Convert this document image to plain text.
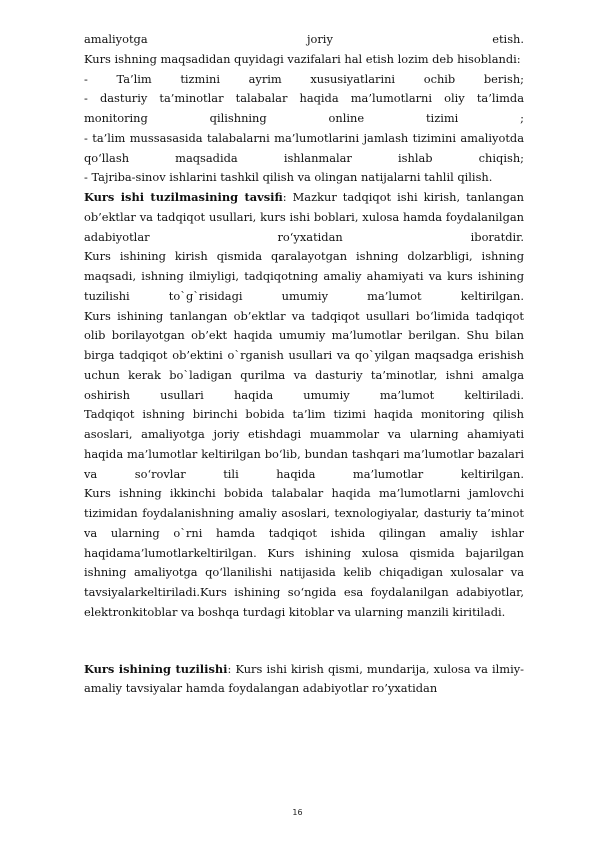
amaliyotga joriy etish.

Kurs ishning maqsadidan quyidagi vazifalari hal etish lozim deb hisoblandi:

- Ta’lim tizmini ayrim xususiyatlarini ochib berish;

- dasturiy ta’minotlar talabalar haqida ma’lumotlarni oliy ta’limda monitoring qilishning online tizimi ;

- ta’lim mussasasida talabalarni ma’lumotlarini jamlash tizimini amaliyotda qo‘llash maqsadida ishlanmalar ishlab chiqish;

- Tajriba-sinov ishlarini tashkil qilish va olingan natijalarni tahlil qilish.

Kurs ishi tuzilmasining tavsifi: Mazkur tadqiqot ishi kirish, tanlangan ob’ektlar va tadqiqot usullari, kurs ishi boblari, xulosa hamda foydalanilgan adabiyotlar ro‘yxatidan iboratdir.

Kurs ishining kirish qismida qaralayotgan ishning dolzarbligi, ishning maqsadi, ishning ilmiyligi, tadqiqotning amaliy ahamiyati va kurs ishining tuzilishi to`g`risidagi umumiy ma’lumot keltirilgan.

Kurs ishining tanlangan ob’ektlar va tadqiqot usullari bo‘limida tadqiqot olib borilayotgan ob’ekt haqida umumiy ma’lumotlar berilgan. Shu bilan birga tadqiqot ob’ektini o`rganish usullari va qo`yilgan maqsadga erishish uchun kerak bo`ladigan qurilma va dasturiy ta’minotlar, ishni amalga oshirish usullari haqida umumiy ma’lumot keltiriladi.

Tadqiqot ishning birinchi bobida ta’lim tizimi haqida monitoring qilish asoslari, amaliyotga joriy etishdagi muammolar va ularning ahamiyati haqida ma’lumotlar keltirilgan bo‘lib, bundan tashqari ma’lumotlar bazalari va so‘rovlar tili haqida ma’lumotlar keltirilgan.

Kurs ishning ikkinchi bobida talabalar haqida ma’lumotlarni jamlovchi tizimidan foydalanishning amaliy asoslari, texnologiyalar, dasturiy ta’minot va ularning o`rni hamda tadqiqot ishida qilingan amaliy ishlar haqidama’lumotlarkeltirilgan. Kurs ishining xulosa qismida bajarilgan ishning amaliyotga qo‘llanilishi natijasida kelib chiqadigan xulosalar va tavsiyalarkeltiriladi.Kurs ishining so‘ngida esa foydalanilgan adabiyotlar, elektronkitoblar va boshqa turdagi kitoblar va ularning manzili kiritiladi.

Kurs ishining tuzilishi: Kurs ishi kirish qismi, mundarija, xulosa va ilmiy-amaliy tavsiyalar hamda foydalangan adabiyotlar ro’yxatidan

16
